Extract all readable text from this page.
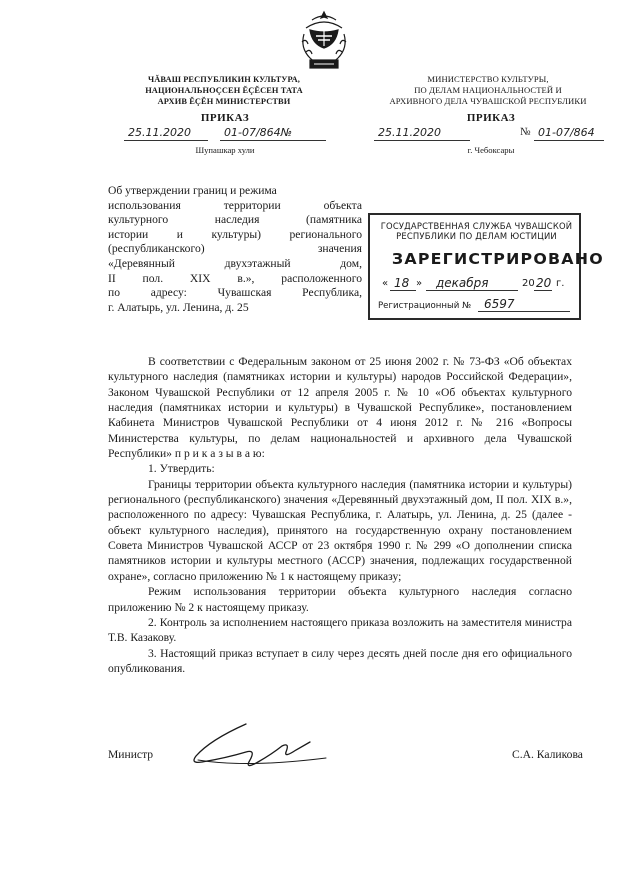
ЧĂВАШ РЕСПУБЛИКИН КУЛЬТУРА,
НАЦИОНАЛЬНОÇСЕН ĔÇĔСЕН ТАТА
АРХИВ ĔÇĔН МИНИСТЕРСТВИ
МИНИСТЕРСТВО КУЛЬТУРЫ,
ПО ДЕЛАМ НАЦИОНАЛЬНОСТЕЙ И
АРХИВНОГО ДЕЛА ЧУВАШСКОЙ РЕСПУБЛИКИ
ПРИКАЗ
25.11.2020	01-07/864№
Шупашкар хули
ПРИКАЗ
25.11.2020	№ 01-07/864
г. Чебоксары
Об утверждении границ и режима
использования территории объекта
культурного наследия (памятника
истории и культуры) регионального
(республиканского) значения
«Деревянный двухэтажный дом,
II пол. XIX в.», расположенного
по адресу: Чувашская Республика,
г. Алатырь, ул. Ленина, д. 25
ГОСУДАРСТВЕННАЯ СЛУЖБА ЧУВАШСКОЙ
РЕСПУБЛИКИ ПО ДЕЛАМ ЮСТИЦИИ
ЗАРЕГИСТРИРОВАНО
« 18 » декабря	20 20 г.
Регистрационный № 6597

В соответствии с Федеральным законом от 25 июня 2002 г. № 73-ФЗ «Об объектах культурного наследия (памятниках истории и культуры) народов Российской Федерации», Законом Чувашской Республики от 12 апреля 2005 г. № 10 «Об объектах культурного наследия (памятниках истории и культуры) в Чувашской Республике», постановлением Кабинета Министров Чувашской Республики от 4 июня 2012 г. № 216 «Вопросы Министерства культуры, по делам национальностей и архивного дела Чувашской Республики» п р и к а з ы в а ю:

1. Утвердить:

Границы территории объекта культурного наследия (памятника истории и культуры) регионального (республиканского) значения «Деревянный двухэтажный дом, II пол. XIX в.», расположенного по адресу: Чувашская Республика, г. Алатырь, ул. Ленина, д. 25 (далее - объект культурного наследия), принятого на государственную охрану постановлением Совета Министров Чувашской АССР от 23 октября 1990 г. № 299 «О дополнении списка памятников истории и культуры местного (АССР) значения, подлежащих государственной охране», согласно приложению № 1 к настоящему приказу;

Режим использования территории объекта культурного наследия согласно приложению № 2 к настоящему приказу.

2. Контроль за исполнением настоящего приказа возложить на заместителя министра Т.В. Казакову.

3. Настоящий приказ вступает в силу через десять дней после дня его официального опубликования.

Министр	С.А. Каликова
